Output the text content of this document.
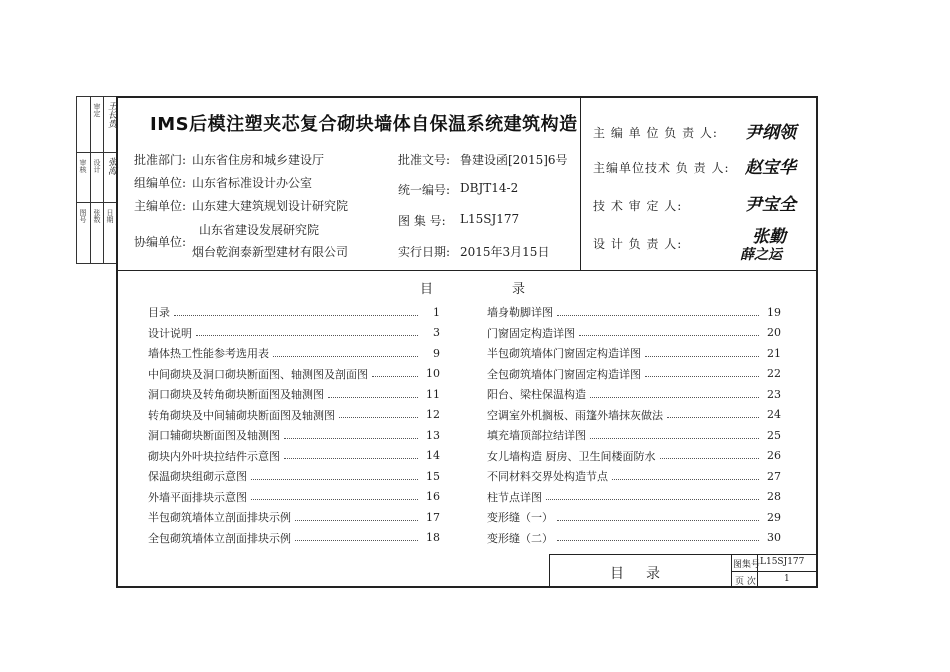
审定 王长贵
审核 设计 张海
图号 张数 日期
IMS后模注塑夹芯复合砌块墙体自保温系统建筑构造
批准部门: 山东省住房和城乡建设厅
组编单位: 山东省标准设计办公室
主编单位: 山东建大建筑规划设计研究院
协编单位:
山东省建设发展研究院
烟台乾润泰新型建材有限公司
批准文号: 鲁建设函[2015]6号
统一编号: DBJT14-2
图 集 号: L15SJ177
实行日期: 2015年3月15日
主 编 单 位 负 责 人: 尹纲领
主编单位技术 负 责 人: 赵宝华
技 术 审 定 人:	尹宝全
设 计 负 责 人:	张勤
薛之运
目	录
目录	1
设计说明	3
墙体热工性能参考选用表	9
中间砌块及洞口砌块断面图、轴测图及剖面图	10
洞口砌块及转角砌块断面图及轴测图	11
转角砌块及中间辅砌块断面图及轴测图	12
洞口辅砌块断面图及轴测图	13
砌块内外叶块拉结件示意图	14
保温砌块组砌示意图	15
外墙平面排块示意图	16
半包砌筑墙体立剖面排块示例	17
全包砌筑墙体立剖面排块示例	18
墙身勒脚详图	19
门窗固定构造详图	20
半包砌筑墙体门窗固定构造详图	21
全包砌筑墙体门窗固定构造详图	22
阳台、梁柱保温构造	23
空调室外机搁板、雨篷外墙抹灰做法	24
填充墙顶部拉结详图	25
女儿墙构造 厨房、卫生间楼面防水	26
不同材料交界处构造节点	27
柱节点详图	28
变形缝（一）	29
变形缝（二）	30
目录
图集号 L15SJ177
页 次	1
